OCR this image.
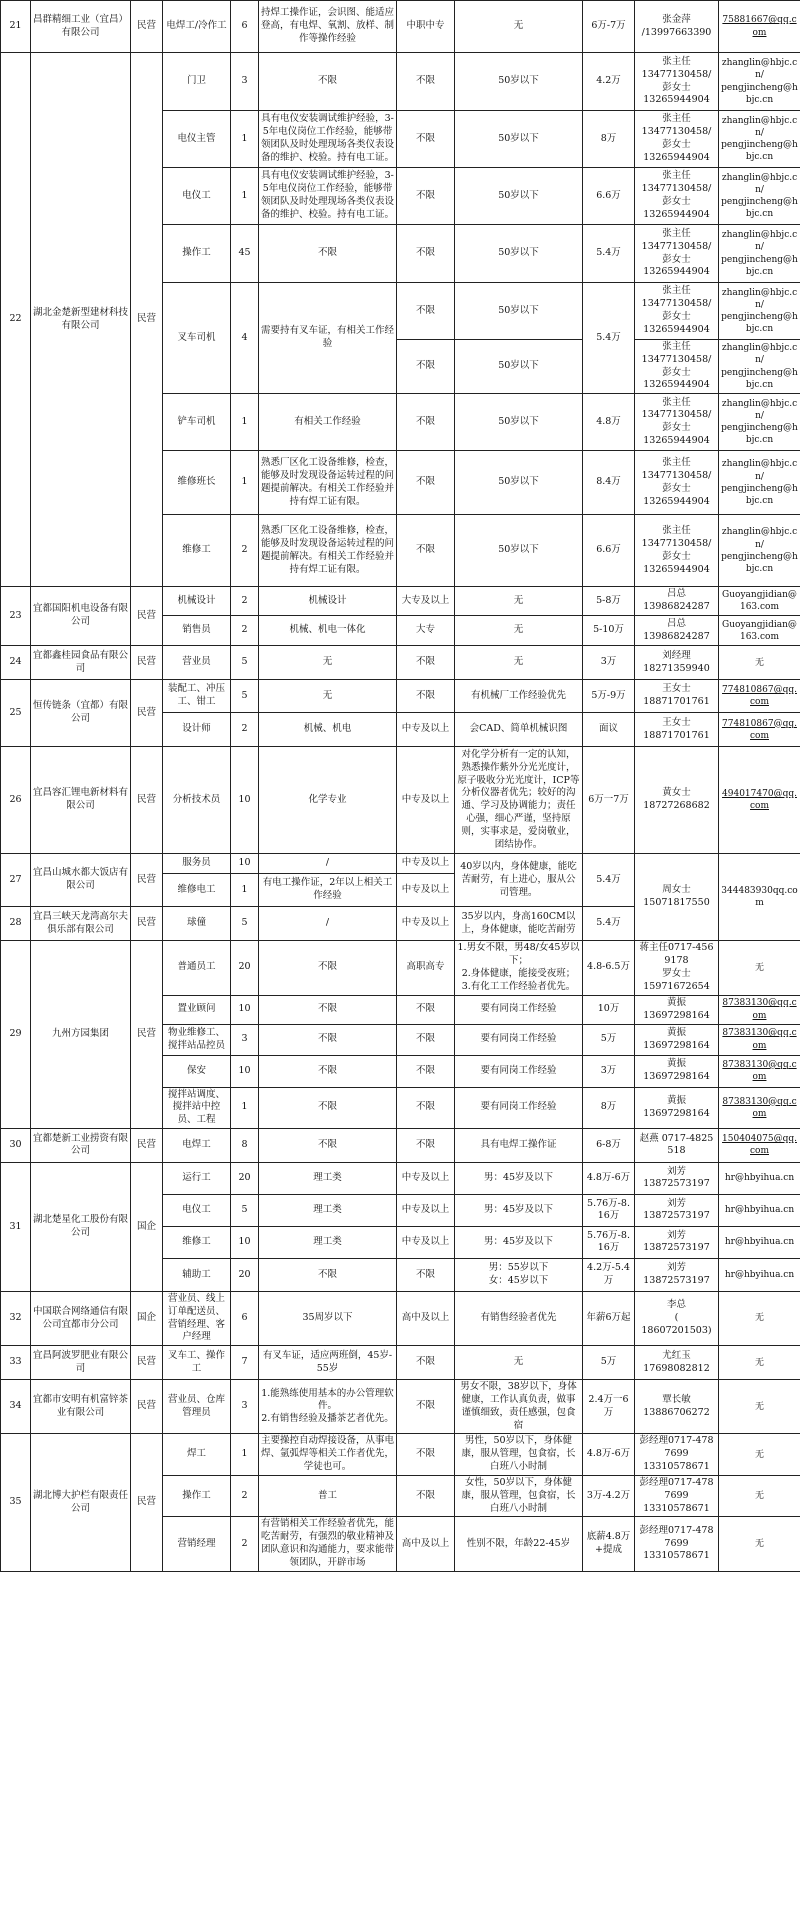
21	昌群精细工业（宜昌）有限公司	民营	电焊工/冷作工	6	持焊工操作证，会识图、能适应登高，有电焊、氧割、放样、制作等操作经验	中职中专	无	6万-7万	张金萍
/13997663390	75881667@qq.com
22	湖北金楚新型建材科技有限公司	民营	门卫	3	不限	不限	50岁以下	4.2万	张主任
13477130458/
彭女士
13265944904	zhanglin@hbjc.cn/
pengjincheng@hbjc.cn
			电仪主管	1	具有电仪安装调试维护经验，3-5年电仪岗位工作经验，能够带领团队及时处理现场各类仪表设备的维护、校验。持有电工证。	不限	50岁以下	8万	张主任
13477130458/
彭女士
13265944904	zhanglin@hbjc.cn/
pengjincheng@hbjc.cn
			电仪工	1	具有电仪安装调试维护经验，3-5年电仪岗位工作经验，能够带领团队及时处理现场各类仪表设备的维护、校验。持有电工证。	不限	50岁以下	6.6万	张主任
13477130458/
彭女士
13265944904	zhanglin@hbjc.cn/
pengjincheng@hbjc.cn
			操作工	45	不限	不限	50岁以下	5.4万	张主任
13477130458/
彭女士
13265944904	zhanglin@hbjc.cn/
pengjincheng@hbjc.cn
			叉车司机	4	需要持有叉车证，有相关工作经验	不限	50岁以下	5.4万	张主任
13477130458/
彭女士
13265944904	zhanglin@hbjc.cn/
pengjincheng@hbjc.cn
						不限	50岁以下		张主任
13477130458/
彭女士
13265944904	zhanglin@hbjc.cn/
pengjincheng@hbjc.cn
			铲车司机	1	有相关工作经验	不限	50岁以下	4.8万	张主任
13477130458/
彭女士
13265944904	zhanglin@hbjc.cn/
pengjincheng@hbjc.cn
			维修班长	1	熟悉厂区化工设备维修，检查，能够及时发现设备运转过程的问题提前解决。有相关工作经验并持有焊工证有限。	不限	50岁以下	8.4万	张主任
13477130458/
彭女士
13265944904	zhanglin@hbjc.cn/
pengjincheng@hbjc.cn
			维修工	2	熟悉厂区化工设备维修，检查，能够及时发现设备运转过程的问题提前解决。有相关工作经验并持有焊工证有限。	不限	50岁以下	6.6万	张主任
13477130458/
彭女士
13265944904	zhanglin@hbjc.cn/
pengjincheng@hbjc.cn
23	宜都国阳机电设备有限公司	民营	机械设计	2	机械设计	大专及以上	无	5-8万	吕总
13986824287	Guoyangjidian@163.com
			销售员	2	机械、机电一体化	大专	无	5-10万	吕总
13986824287	Guoyangjidian@163.com
24	宜都鑫桂园食品有限公司	民营	营业员	5	无	不限	无	3万	刘经理
18271359940	无
25	恒传链条（宜都）有限公司	民营	装配工、冲压工、钳工	5	无	不限	有机械厂工作经验优先	5万-9万	王女士
18871701761	774810867@qq.com
			设计师	2	机械、机电	中专及以上	会CAD、简单机械识图	面议	王女士
18871701761	774810867@qq.com
26	宜昌容汇锂电新材料有限公司	民营	分析技术员	10	化学专业	中专及以上	对化学分析有一定的认知，熟悉操作紫外分光光度计，原子吸收分光光度计，ICP等分析仪器者优先；较好的沟通、学习及协调能力；责任心强，细心严谨，坚持原则，实事求是，爱岗敬业，团结协作。	6万一7万	黄女士
18727268682	494017470@qq.com
27	宜昌山城水都大饭店有限公司	民营	服务员	10	/	中专及以上	40岁以内，身体健康，能吃苦耐劳，有上进心，服从公司管理。	5.4万	周女士
15071817550	344483930qq.com
			维修电工	1	有电工操作证，2年以上相关工作经验	中专及以上				
28	宜昌三峡天龙湾高尔夫俱乐部有限公司	民营	球僮	5	/	中专及以上	35岁以内，身高160CM以上，身体健康，能吃苦耐劳	5.4万		
29	九州方园集团	民营	普通员工	20	不限	高职高专	1.男女不限，男48/女45岁以下；
2.身体健康，能接受夜班；
3.有化工工作经验者优先。	4.8-6.5万	蒋主任0717-4569178
罗女士
15971672654	无
			置业顾问	10	不限	不限	要有同岗工作经验	10万	黄振
13697298164	87383130@qq.com
			物业维修工、搅拌站品控员	3	不限	不限	要有同岗工作经验	5万	黄振
13697298164	87383130@qq.com
			保安	10	不限	不限	要有同岗工作经验	3万	黄振
13697298164	87383130@qq.com
			搅拌站调度、搅拌站中控员、工程	1	不限	不限	要有同岗工作经验	8万	黄振
13697298164	87383130@qq.com
30	宜都楚新工业捞资有限公司	民营	电焊工	8	不限	不限	具有电焊工操作证	6-8万	赵燕 0717-4825518	150404075@qq.com
31	湖北楚星化工股份有限公司	国企	运行工	20	理工类	中专及以上	男：45岁及以下	4.8万-6万	刘芳
13872573197	hr@hbyihua.cn
			电仪工	5	理工类	中专及以上	男：45岁及以下	5.76万-8.16万	刘芳
13872573197	hr@hbyihua.cn
			维修工	10	理工类	中专及以上	男：45岁及以下	5.76万-8.16万	刘芳
13872573197	hr@hbyihua.cn
			辅助工	20	不限	不限	男：55岁以下
女：45岁以下	4.2万-5.4万	刘芳
13872573197	hr@hbyihua.cn
32	中国联合网络通信有限公司宜都市分公司	国企	营业员、线上订单配送员、营销经理、客户经理	6	35周岁以下	高中及以上	有销售经验者优先	年薪6万起	李总
(
18607201503)	无
33	宜昌阿波罗肥业有限公司	民营	叉车工、操作工	7	有叉车证，适应两班倒，45岁-55岁	不限	无	5万	尤红玉
17698082812	无
34	宜都市安明有机富锌茶业有限公司	民营	营业员、仓库管理员	3	1.能熟练使用基本的办公管理软件。
2.有销售经验及播茶艺者优先。	不限	男女不限，38岁以下，身体健康，工作认真负责，做事谨慎细致，责任感强，包食宿	2.4万一6万	覃长敏
13886706272	无
35	湖北博大护栏有限责任公司	民营	焊工	1	主要操控自动焊接设备，从事电焊、氩弧焊等相关工作者优先，学徒也可。	不限	男性，50岁以下，身体健康，服从管理，包食宿，长白班八小时制	4.8万-6万	彭经理0717-4787699
13310578671	无
			操作工	2	普工	不限	女性，50岁以下，身体健康，服从管理，包食宿，长白班八小时制	3万-4.2万	彭经理0717-4787699
13310578671	无
			营销经理	2	有营销相关工作经验者优先，能吃苦耐劳，有强烈的敬业精神及团队意识和沟通能力，要求能带领团队，开辟市场	高中及以上	性别不限，年龄22-45岁	底薪4.8万+提成	彭经理0717-4787699
13310578671	无
